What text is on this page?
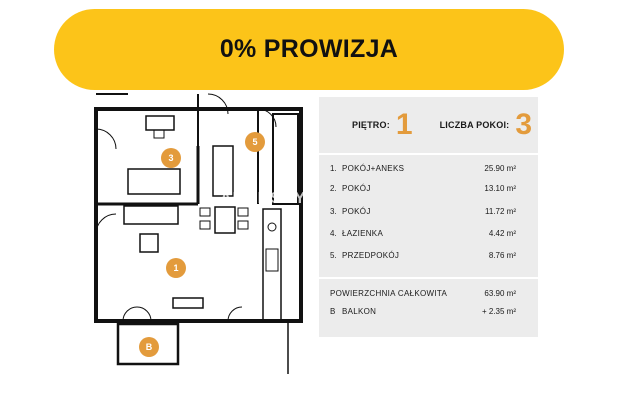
0% PROWIZJA
3
5
1
B
ADURSCY
PIĘTRO: 1	LICZBA POKOI: 3
1. POKÓJ+ANEKS	25.90 m²
2. POKÓJ	13.10 m²
3. POKÓJ	11.72 m²
4. ŁAZIENKA	4.42 m²
5. PRZEDPOKÓJ	8.76 m²
POWIERZCHNIA CAŁKOWITA	63.90 m²
B BALKON	+ 2.35 m²
